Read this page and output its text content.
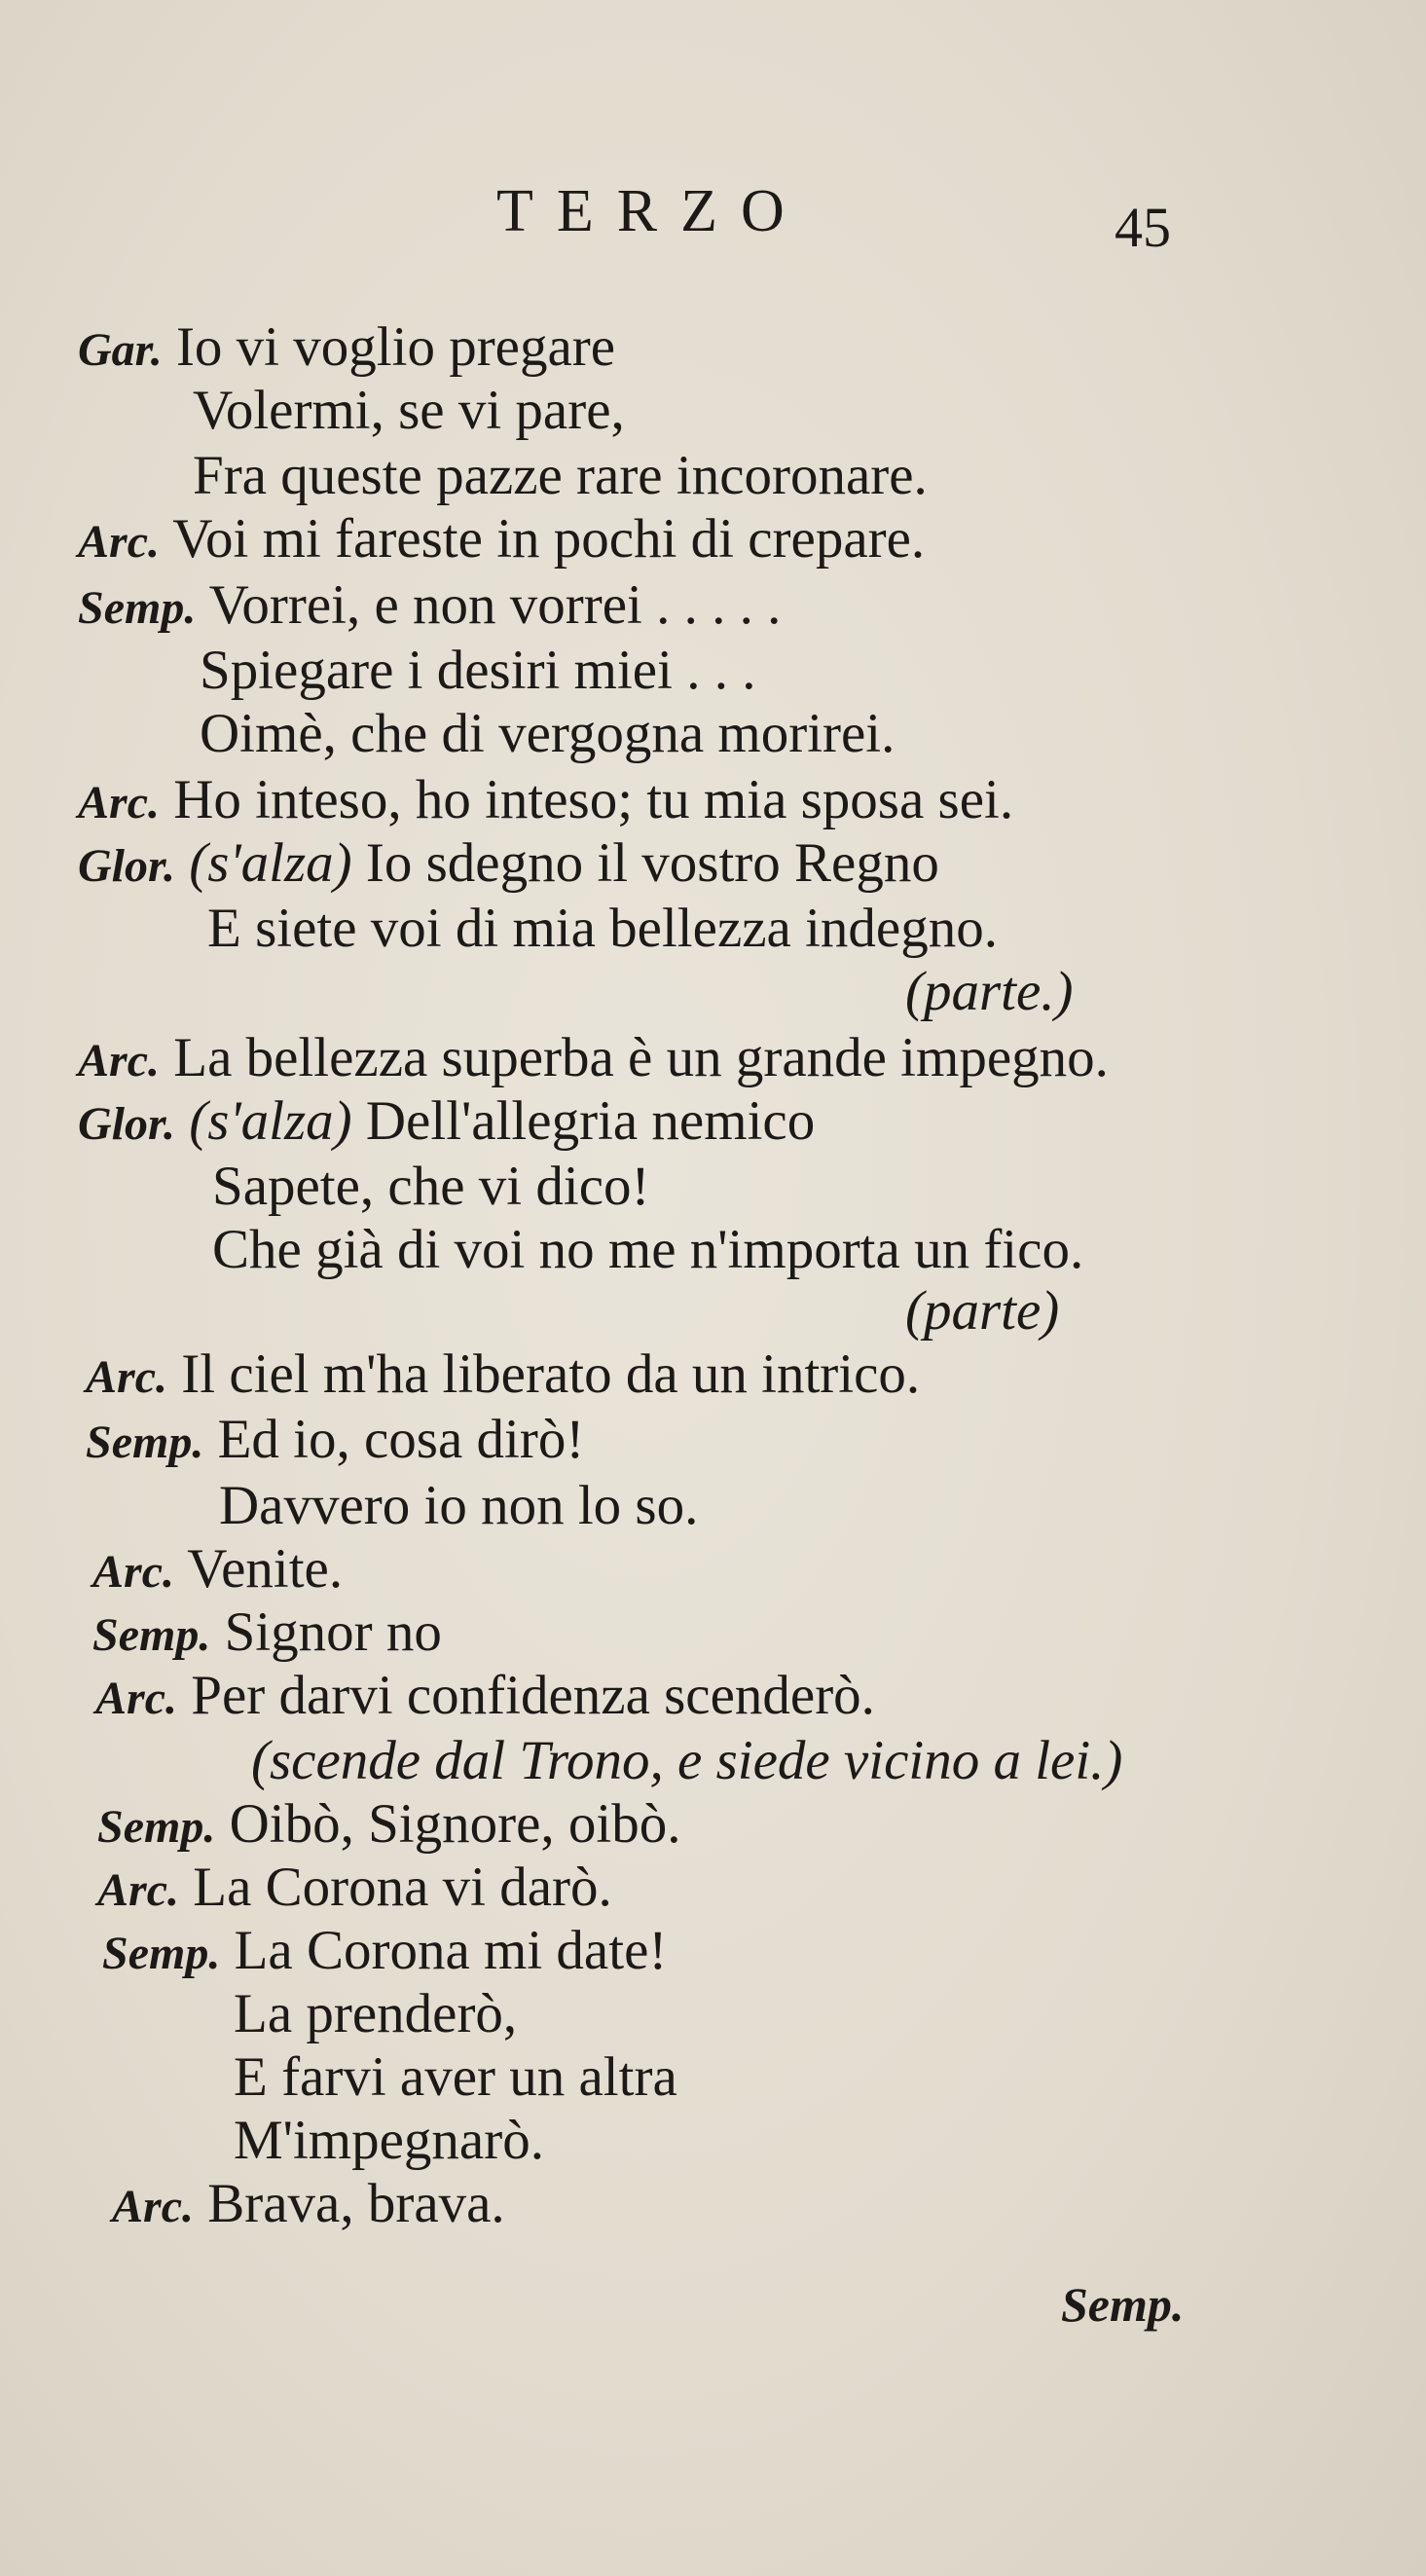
TERZO	45
Gar. Io vi voglio pregare
Volermi, se vi pare,
Fra queste pazze rare incoronare.
Arc. Voi mi fareste in pochi di crepare.
Semp. Vorrei, e non vorrei . . . . .
Spiegare i desiri miei . . .
Oimè, che di vergogna morirei.
Arc. Ho inteso, ho inteso; tu mia sposa sei.
Glor. (s'alza) Io sdegno il vostro Regno
E siete voi di mia bellezza indegno.
(parte.)
Arc. La bellezza superba è un grande impegno.
Glor. (s'alza) Dell'allegria nemico
Sapete, che vi dico!
Che già di voi no me n'importa un fico.
(parte)
Arc. Il ciel m'ha liberato da un intrico.
Semp. Ed io, cosa dirò!
Davvero io non lo so.
Arc. Venite.
Semp. Signor no
Arc. Per darvi confidenza scenderò.
(scende dal Trono, e siede vicino a lei.)
Semp. Oibò, Signore, oibò.
Arc. La Corona vi darò.
Semp. La Corona mi date!
La prenderò,
E farvi aver un altra
M'impegnarò.
Arc. Brava, brava.
Semp.
